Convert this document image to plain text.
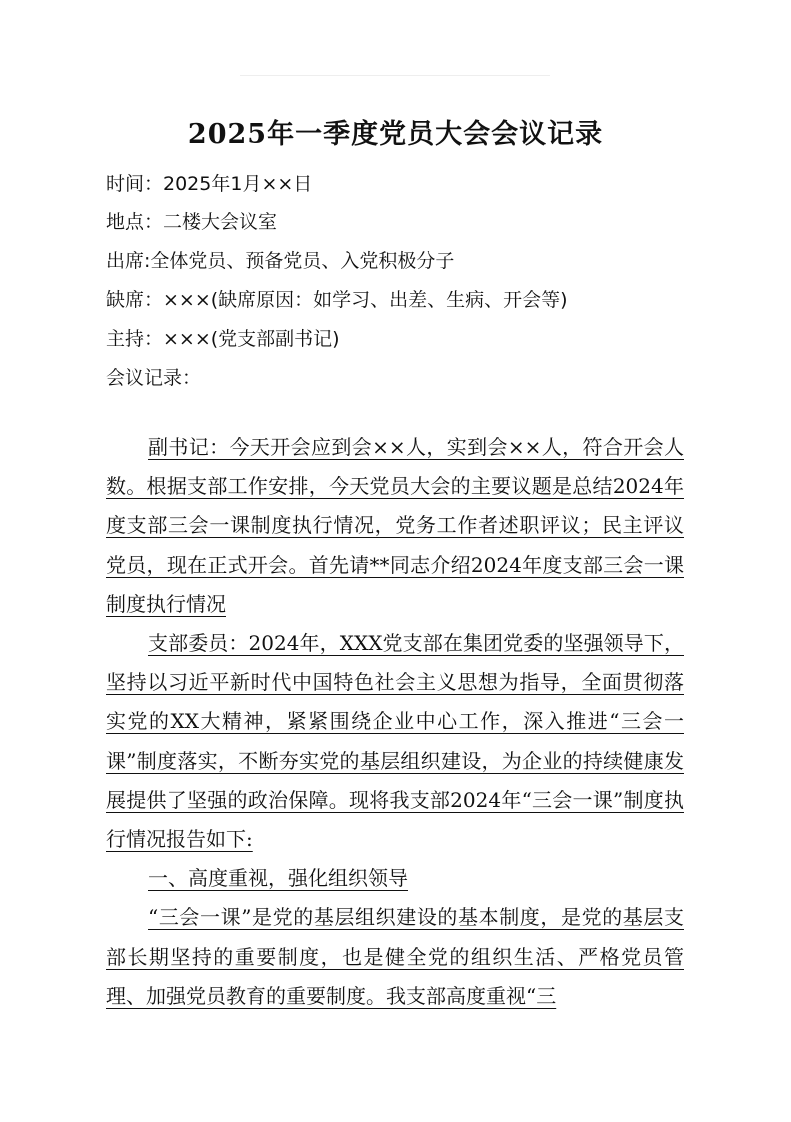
2025年一季度党员大会会议记录
时间：2025年1月××日
地点：二楼大会议室
出席:全体党员、预备党员、入党积极分子
缺席：×××(缺席原因：如学习、出差、生病、开会等)
主持：×××(党支部副书记)
会议记录：

副书记：今天开会应到会××人，实到会××人，符合开会人数。根据支部工作安排，今天党员大会的主要议题是总结2024年度支部三会一课制度执行情况，党务工作者述职评议；民主评议党员，现在正式开会。首先请**同志介绍2024年度支部三会一课制度执行情况

支部委员：2024年，XXX党支部在集团党委的坚强领导下，坚持以习近平新时代中国特色社会主义思想为指导，全面贯彻落实党的XX大精神，紧紧围绕企业中心工作，深入推进“三会一课”制度落实，不断夯实党的基层组织建设，为企业的持续健康发展提供了坚强的政治保障。现将我支部2024年“三会一课”制度执行情况报告如下:

一、高度重视，强化组织领导

“三会一课”是党的基层组织建设的基本制度，是党的基层支部长期坚持的重要制度，也是健全党的组织生活、严格党员管理、加强党员教育的重要制度。我支部高度重视“三
